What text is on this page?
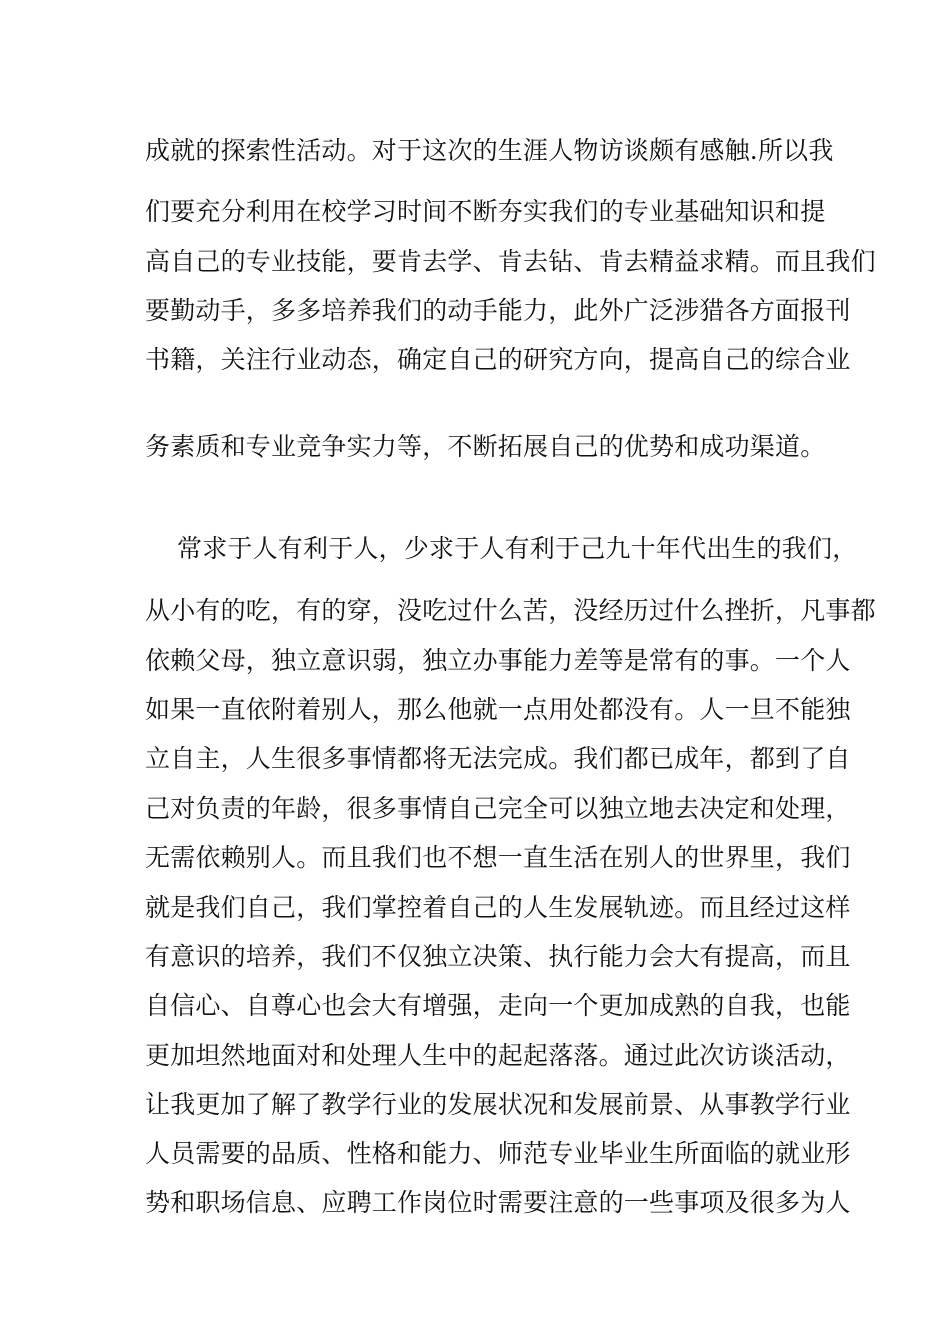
成就的探索性活动。对于这次的生涯人物访谈颇有感触.所以我
们要充分利用在校学习时间不断夯实我们的专业基础知识和提
高自己的专业技能，要肯去学、肯去钻、肯去精益求精。而且我们
要勤动手，多多培养我们的动手能力，此外广泛涉猎各方面报刊
书籍，关注行业动态，确定自己的研究方向，提高自己的综合业
务素质和专业竞争实力等，不断拓展自己的优势和成功渠道。
常求于人有利于人，少求于人有利于己九十年代出生的我们，
从小有的吃，有的穿，没吃过什么苦，没经历过什么挫折，凡事都
依赖父母，独立意识弱，独立办事能力差等是常有的事。一个人
如果一直依附着别人，那么他就一点用处都没有。人一旦不能独
立自主，人生很多事情都将无法完成。我们都已成年，都到了自
己对负责的年龄，很多事情自己完全可以独立地去决定和处理，
无需依赖别人。而且我们也不想一直生活在别人的世界里，我们
就是我们自己，我们掌控着自己的人生发展轨迹。而且经过这样
有意识的培养，我们不仅独立决策、执行能力会大有提高，而且
自信心、自尊心也会大有增强，走向一个更加成熟的自我，也能
更加坦然地面对和处理人生中的起起落落。通过此次访谈活动，
让我更加了解了教学行业的发展状况和发展前景、从事教学行业
人员需要的品质、性格和能力、师范专业毕业生所面临的就业形
势和职场信息、应聘工作岗位时需要注意的一些事项及很多为人
